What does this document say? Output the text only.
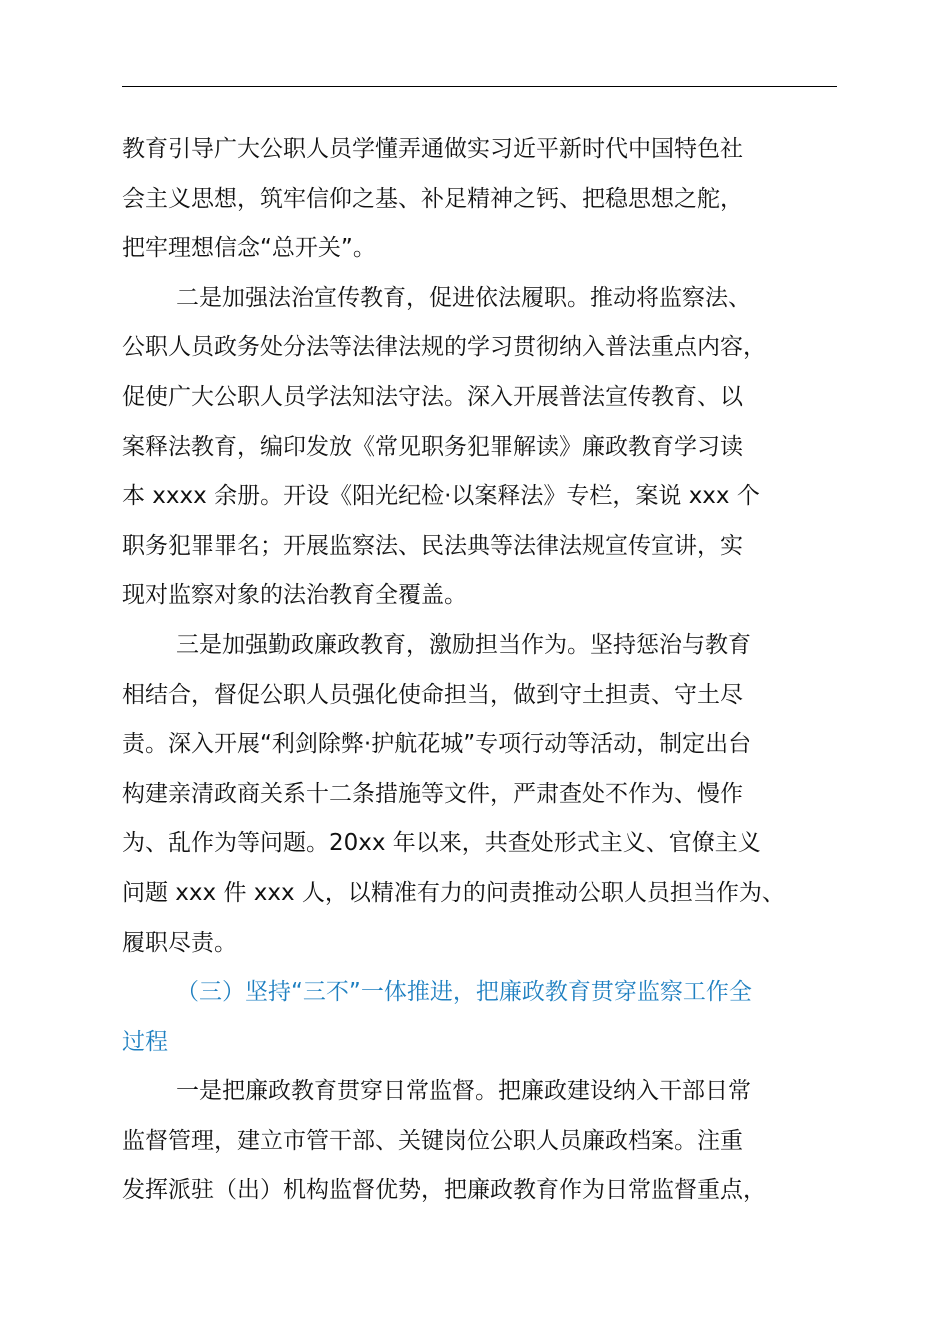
教育引导广大公职人员学懂弄通做实习近平新时代中国特色社
会主义思想，筑牢信仰之基、补足精神之钙、把稳思想之舵，
把牢理想信念“总开关”。
二是加强法治宣传教育，促进依法履职。推动将监察法、
公职人员政务处分法等法律法规的学习贯彻纳入普法重点内容，
促使广大公职人员学法知法守法。深入开展普法宣传教育、以
案释法教育，编印发放《常见职务犯罪解读》廉政教育学习读
本 xxxx 余册。开设《阳光纪检·以案释法》专栏，案说 xxx 个
职务犯罪罪名；开展监察法、民法典等法律法规宣传宣讲，实
现对监察对象的法治教育全覆盖。
三是加强勤政廉政教育，激励担当作为。坚持惩治与教育
相结合，督促公职人员强化使命担当，做到守土担责、守土尽
责。深入开展“利剑除弊·护航花城”专项行动等活动，制定出台
构建亲清政商关系十二条措施等文件，严肃查处不作为、慢作
为、乱作为等问题。20xx 年以来，共查处形式主义、官僚主义
问题 xxx 件 xxx 人，以精准有力的问责推动公职人员担当作为、
履职尽责。
（三）坚持“三不”一体推进，把廉政教育贯穿监察工作全
过程
一是把廉政教育贯穿日常监督。把廉政建设纳入干部日常
监督管理，建立市管干部、关键岗位公职人员廉政档案。注重
发挥派驻（出）机构监督优势，把廉政教育作为日常监督重点，
